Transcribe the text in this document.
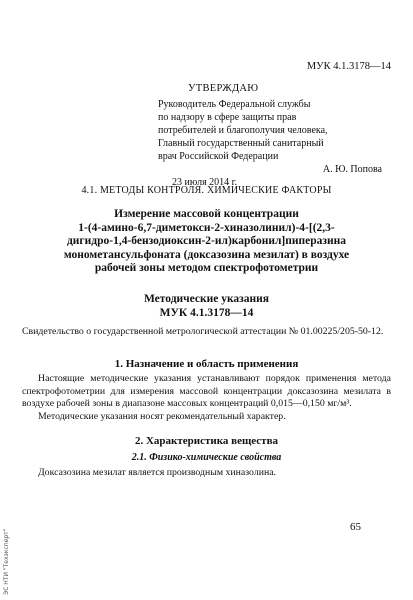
МУК 4.1.3178—14
УТВЕРЖДАЮ
Руководитель Федеральной службы
по надзору в сфере защиты прав
потребителей и благополучия человека,
Главный государственный санитарный
врач Российской Федерации
А. Ю. Попова
23 июля 2014 г.
4.1. МЕТОДЫ КОНТРОЛЯ. ХИМИЧЕСКИЕ ФАКТОРЫ
Измерение массовой концентрации
1-(4-амино-6,7-диметокси-2-хиназолинил)-4-[(2,3-
дигидро-1,4-бензодиоксин-2-ил)карбонил]пиперазина
монометансульфоната (доксазозина мезилат) в воздухе
рабочей зоны методом спектрофотометрии
Методические указания
МУК 4.1.3178—14
Свидетельство о государственной метрологической аттестации № 01.00225/205-50-12.
1. Назначение и область применения

Настоящие методические указания устанавливают порядок применения метода спектрофотометрии для измерения массовой концентрации доксазозина мезилата в воздухе рабочей зоны в диапазоне массовых концентраций 0,015—0,150 мг/м³.

Методические указания носят рекомендательный характер.

2. Характеристика вещества
2.1. Физико-химические свойства

Доксазозина мезилат является производным хиназолина.

65
ЭС НТИ "Техэксперт"
